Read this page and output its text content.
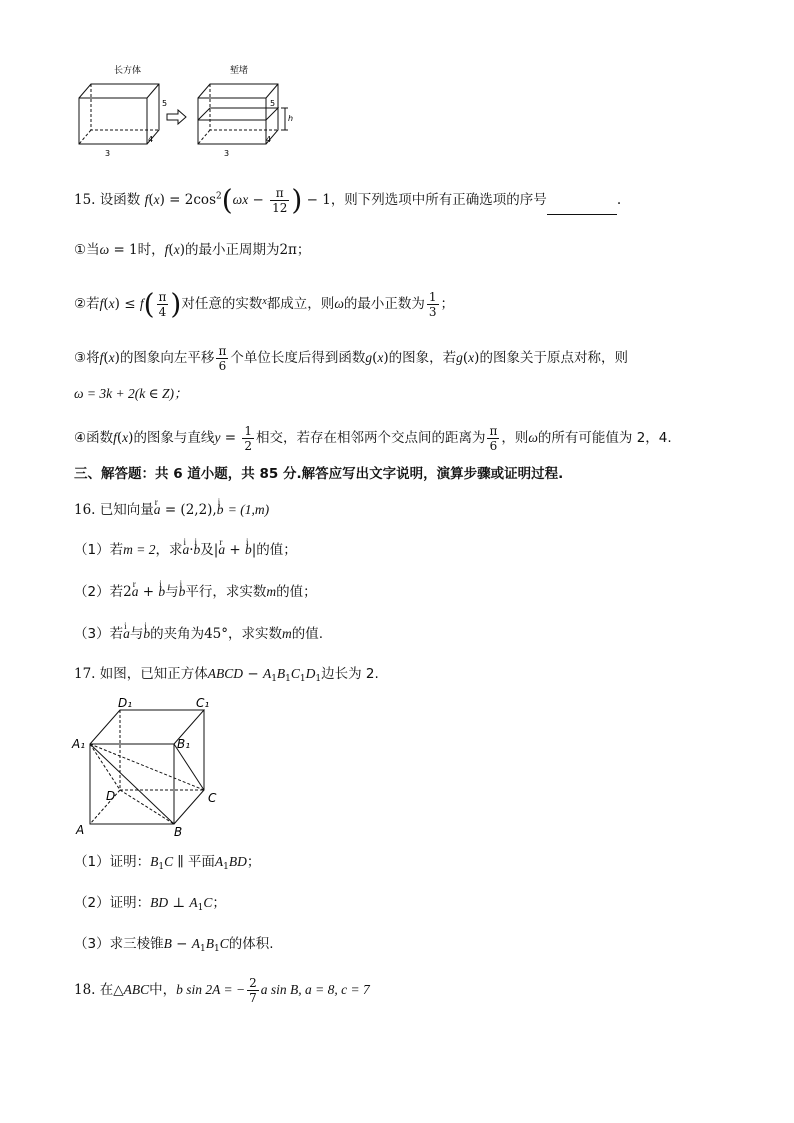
长方体
5
4
3
堑堵
5
h
4
3
15. 设函数 $f(x) = 2\cos^2(\omega x - \frac{\pi}{12}$ ) − 1，则下列选项中所有正确选项的序号	.
①当ω = 1时，f(x)的最小正周期为2π；
②若$f(x) \le f( \frac{\pi}{4}$ )对任意的实数$^x$都成立，则ω的最小正数为 $\frac{1}{3}$ ；
③将f(x)的图象向左平移 $\frac{\pi}{6}$ 个单位长度后得到函数g(x)的图象，若g(x)的图象关于原点对称，则
ω = 3k + 2(k ∈ Z)；
④函数f(x)的图象与直线$y = \frac{1}{2}$ 相交，若存在相邻两个交点间的距离为 $\frac{\pi}{6}$ ，则ω的所有可能值为 2，4.
三、解答题：共 6 道小题，共 85 分.解答应写出文字说明，演算步骤或证明过程.
16. 已知向量r a = (2,2),i b = (1,m)
（1）若m = 2，求i a·i b及|r a + i b|的值；
（2）若2r a + i b与i b平行，求实数m的值；
（3）若i a与i b的夹角为45°，求实数m的值.
17. 如图，已知正方体ABCD − $A_1B_1C_1D_1$边长为 2.
D₁	C₁
A₁	B₁
D	C
A	B
（1）证明：$B_1C$ ∥ 平面$A_1BD$；
（2）证明：BD ⊥ $A_1C$；
（3）求三棱锥$B - A_1B_1C$的体积.
18. 在△ABC中，b sin 2A = − $\frac{2}{7}$ a sin B, a = 8, c = 7
